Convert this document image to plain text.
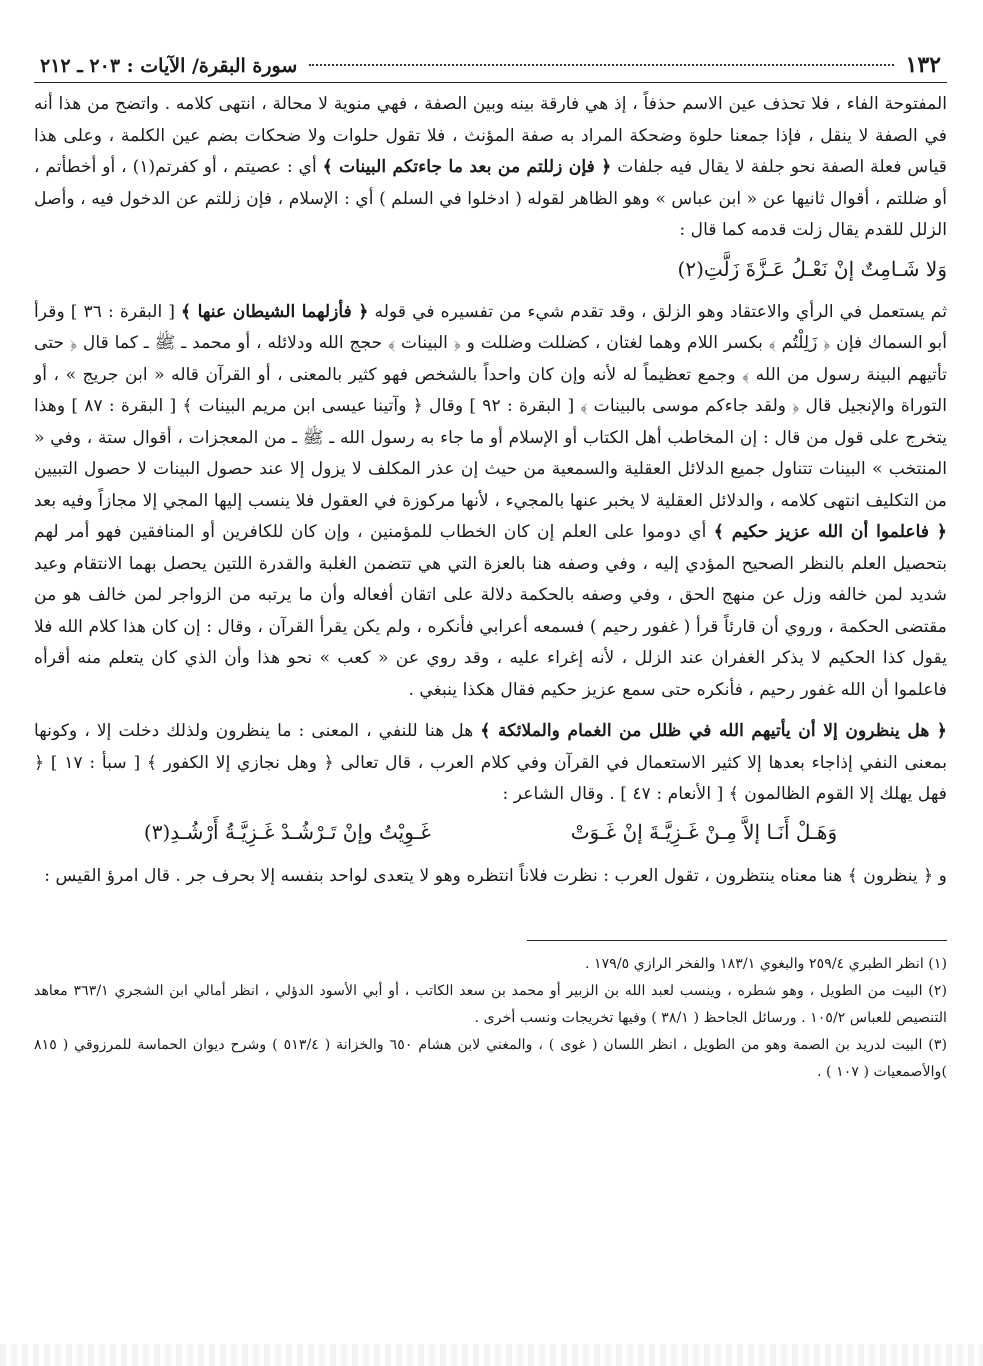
١٣٢
سورة البقرة/ الآيات : ٢٠٣ ـ ٢١٢

المفتوحة الفاء ، فلا تحذف عين الاسم حذفاً ، إذ هي فارقة بينه وبين الصفة ، فهي منوية لا محالة ، انتهى كلامه . واتضح من هذا أنه في الصفة لا ينقل ، فإذا جمعنا حلوة وضحكة المراد به صفة المؤنث ، فلا تقول حلوات ولا ضحكات بضم عين الكلمة ، وعلى هذا قياس فعلة الصفة نحو جلفة لا يقال فيه جلفات ﴿ فإن زللتم من بعد ما جاءتكم البينات ﴾ أي : عصيتم ، أو كفرتم(١) ، أو أخطأتم ، أو ضللتم ، أقوال ثانيها عن « ابن عباس » وهو الظاهر لقوله ( ادخلوا في السلم ) أي : الإسلام ، فإن زللتم عن الدخول فيه ، وأصل الزلل للقدم يقال زلت قدمه كما قال :

وَلا شَـامِتٌ إنْ نَعْـلُ عَـزَّةَ زَلَّتِ(٢)

ثم يستعمل في الرأي والاعتقاد وهو الزلق ، وقد تقدم شيء من تفسيره في قوله ﴿ فأزلهما الشيطان عنها ﴾ [ البقرة : ٣٦ ] وقرأ أبو السماك فإن ﴿ زَلِلْتُم ﴾ بكسر اللام وهما لغتان ، كضللت وضللت و ﴿ البينات ﴾ حجج الله ودلائله ، أو محمد ـ ﷺ ـ كما قال ﴿ حتى تأتيهم البينة رسول من الله ﴾ وجمع تعظيماً له لأنه وإن كان واحداً بالشخص فهو كثير بالمعنى ، أو القرآن قاله « ابن جريج » ، أو التوراة والإنجيل قال ﴿ ولقد جاءكم موسى بالبينات ﴾ [ البقرة : ٩٢ ] وقال ﴿ وآتينا عيسى ابن مريم البينات ﴾ [ البقرة : ٨٧ ] وهذا يتخرج على قول من قال : إن المخاطب أهل الكتاب أو الإسلام أو ما جاء به رسول الله ـ ﷺ ـ من المعجزات ، أقوال ستة ، وفي « المنتخب » البينات تتناول جميع الدلائل العقلية والسمعية من حيث إن عذر المكلف لا يزول إلا عند حصول البينات لا حصول التبيين من التكليف انتهى كلامه ، والدلائل العقلية لا يخبر عنها بالمجيء ، لأنها مركوزة في العقول فلا ينسب إليها المجي إلا مجازاً وفيه بعد ﴿ فاعلموا أن الله عزيز حكيم ﴾ أي دوموا على العلم إن كان الخطاب للمؤمنين ، وإن كان للكافرين أو المنافقين فهو أمر لهم بتحصيل العلم بالنظر الصحيح المؤدي إليه ، وفي وصفه هنا بالعزة التي هي تتضمن الغلبة والقدرة اللتين يحصل بهما الانتقام وعيد شديد لمن خالفه وزل عن منهج الحق ، وفي وصفه بالحكمة دلالة على اتقان أفعاله وأن ما يرتبه من الزواجر لمن خالف هو من مقتضى الحكمة ، وروي أن قارئاً قرأ ( غفور رحيم ) فسمعه أعرابي فأنكره ، ولم يكن يقرأ القرآن ، وقال : إن كان هذا كلام الله فلا يقول كذا الحكيم لا يذكر الغفران عند الزلل ، لأنه إغراء عليه ، وقد روي عن « كعب » نحو هذا وأن الذي كان يتعلم منه أقرأه فاعلموا أن الله غفور رحيم ، فأنكره حتى سمع عزيز حكيم فقال هكذا ينبغي .

﴿ هل ينظرون إلا أن يأتيهم الله في ظلل من الغمام والملائكة ﴾ هل هنا للنفي ، المعنى : ما ينظرون ولذلك دخلت إلا ، وكونها بمعنى النفي إذاجاء بعدها إلا كثير الاستعمال في القرآن وفي كلام العرب ، قال تعالى ﴿ وهل نجازي إلا الكفور ﴾ [ سبأ : ١٧ ] ﴿ فهل يهلك إلا القوم الظالمون ﴾ [ الأنعام : ٤٧ ] . وقال الشاعر :

وَهَـلْ أَنَـا إلاَّ مِـنْ غَـزِيَّـةَ إنْ غَـوَتْ
غَـوِيْتُ وإنْ تَـرْشُـدْ غَـزِيَّـةُ أَرْشُـدِ(٣)

و ﴿ ينظرون ﴾ هنا معناه ينتظرون ، تقول العرب : نظرت فلاناً انتظره وهو لا يتعدى لواحد بنفسه إلا بحرف جر . قال امرؤ القيس :

(١) انظر الطبري ٢٥٩/٤ والبغوي ١٨٣/١ والفخر الرازي ١٧٩/٥ .

(٢) البيت من الطويل ، وهو شطره ، وينسب لعبد الله بن الزبير أو محمد بن سعد الكاتب ، أو أبي الأسود الدؤلي ، انظر أمالي ابن الشجري ٣٦٣/١ معاهد التنصيص للعباس ١٠٥/٢ . ورسائل الجاحظ ( ٣٨/١ ) وفيها تخريجات ونسب أخرى .

(٣) البيت لدريد بن الصمة وهو من الطويل ، انظر اللسان ( غوى ) ، والمغني لابن هشام ٦٥٠ والخزانة ( ٥١٣/٤ ) وشرح ديوان الحماسة للمرزوقي ( ٨١٥ )والأصمعيات ( ١٠٧ ) .
